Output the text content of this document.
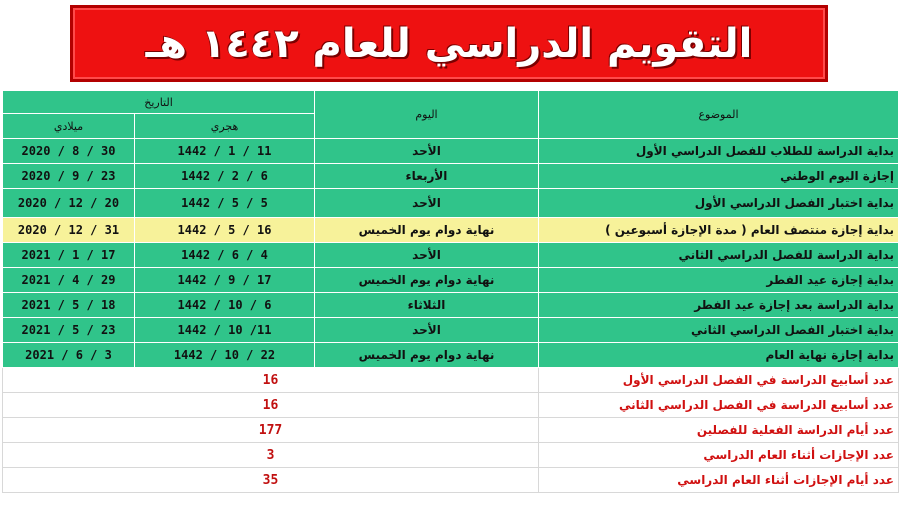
التقويم الدراسي للعام ١٤٤٢ هـ
التاريخ		اليوم	الموضوع
ميلادي	هجري		
2020 / 8 / 30	1442 / 1 / 11	الأحد	بداية الدراسة للطلاب للفصل الدراسي الأول
2020 / 9 / 23	1442 / 2 / 6	الأربعاء	إجازة اليوم الوطني
2020 / 12 / 20	1442 / 5 / 5	الأحد	بداية اختبار الفصل الدراسي الأول
2020 / 12 / 31	1442 / 5 / 16	نهاية دوام يوم الخميس	بداية إجازة منتصف العام ( مدة الإجازة أسبوعين )
2021 / 1 / 17	1442 / 6 / 4	الأحد	بداية الدراسة للفصل الدراسي الثاني
2021 / 4 / 29	1442 / 9 / 17	نهاية دوام يوم الخميس	بداية إجازة عيد الفطر
2021 / 5 / 18	1442 / 10 / 6	الثلاثاء	بداية الدراسة بعد إجازة عيد الفطر
2021 / 5 / 23	1442 / 10 /11	الأحد	بداية اختبار الفصل الدراسي الثاني
2021 / 6 / 3	1442 / 10 / 22	نهاية دوام يوم الخميس	بداية إجازة نهاية العام
16			عدد أسابيع الدراسة في الفصل الدراسي الأول
16			عدد أسابيع الدراسة في الفصل الدراسي الثاني
177			عدد أيام الدراسة الفعلية للفصلين
3			عدد الإجازات أثناء العام الدراسي
35			عدد أيام الإجازات أثناء العام الدراسي
